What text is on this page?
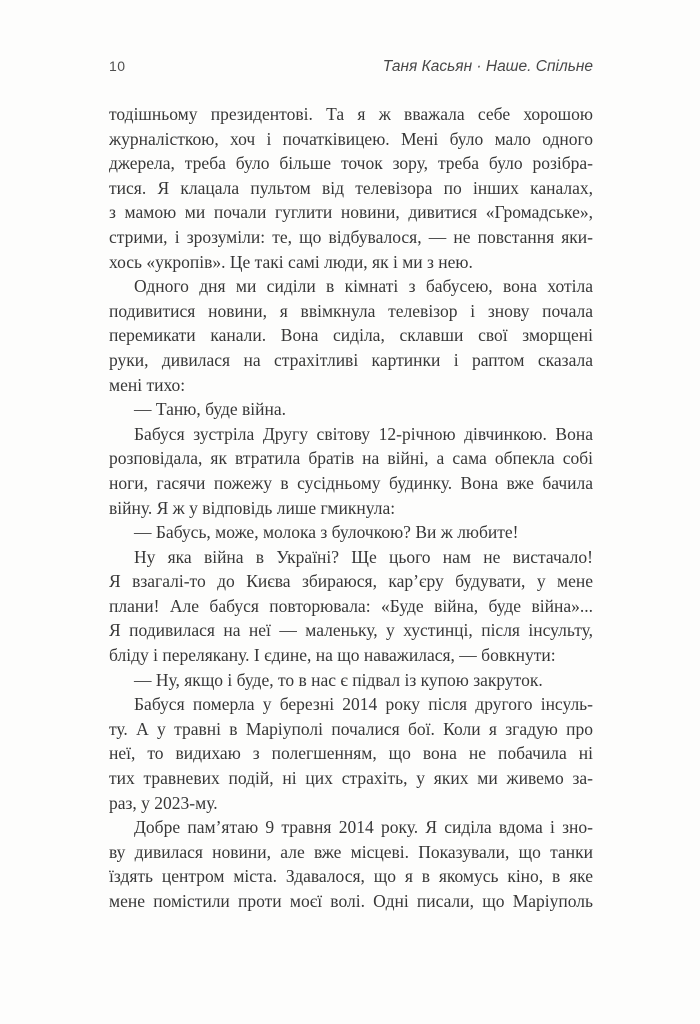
10	Таня Касьян · Наше. Спільне
тодішньому президентові. Та я ж вважала себе хорошою
журналісткою, хоч і початківицею. Мені було мало одного
джерела, треба було більше точок зору, треба було розібра-
тися. Я клацала пультом від телевізора по інших каналах,
з мамою ми почали гуглити новини, дивитися «Громадське»,
стрими, і зрозуміли: те, що відбувалося, — не повстання яки-
хось «укропів». Це такі самі люди, як і ми з нею.
Одного дня ми сиділи в кімнаті з бабусею, вона хотіла
подивитися новини, я ввімкнула телевізор і знову почала
перемикати канали. Вона сиділа, склавши свої зморщені
руки, дивилася на страхітливі картинки і раптом сказала
мені тихо:
— Таню, буде війна.
Бабуся зустріла Другу світову 12-річною дівчинкою. Вона
розповідала, як втратила братів на війні, а сама обпекла собі
ноги, гасячи пожежу в сусідньому будинку. Вона вже бачила
війну. Я ж у відповідь лише гмикнула:
— Бабусь, може, молока з булочкою? Ви ж любите!
Ну яка війна в Україні? Ще цього нам не вистачало!
Я взагалі-то до Києва збираюся, кар’єру будувати, у мене
плани! Але бабуся повторювала: «Буде війна, буде війна»...
Я подивилася на неї — маленьку, у хустинці, після інсульту,
бліду і перелякану. І єдине, на що наважилася, — бовкнути:
— Ну, якщо і буде, то в нас є підвал із купою закруток.
Бабуся померла у березні 2014 року після другого інсуль-
ту. А у травні в Маріуполі почалися бої. Коли я згадую про
неї, то видихаю з полегшенням, що вона не побачила ні
тих травневих подій, ні цих страхіть, у яких ми живемо за-
раз, у 2023-му.
Добре пам’ятаю 9 травня 2014 року. Я сиділа вдома і зно-
ву дивилася новини, але вже місцеві. Показували, що танки
їздять центром міста. Здавалося, що я в якомусь кіно, в яке
мене помістили проти моєї волі. Одні писали, що Маріуполь
